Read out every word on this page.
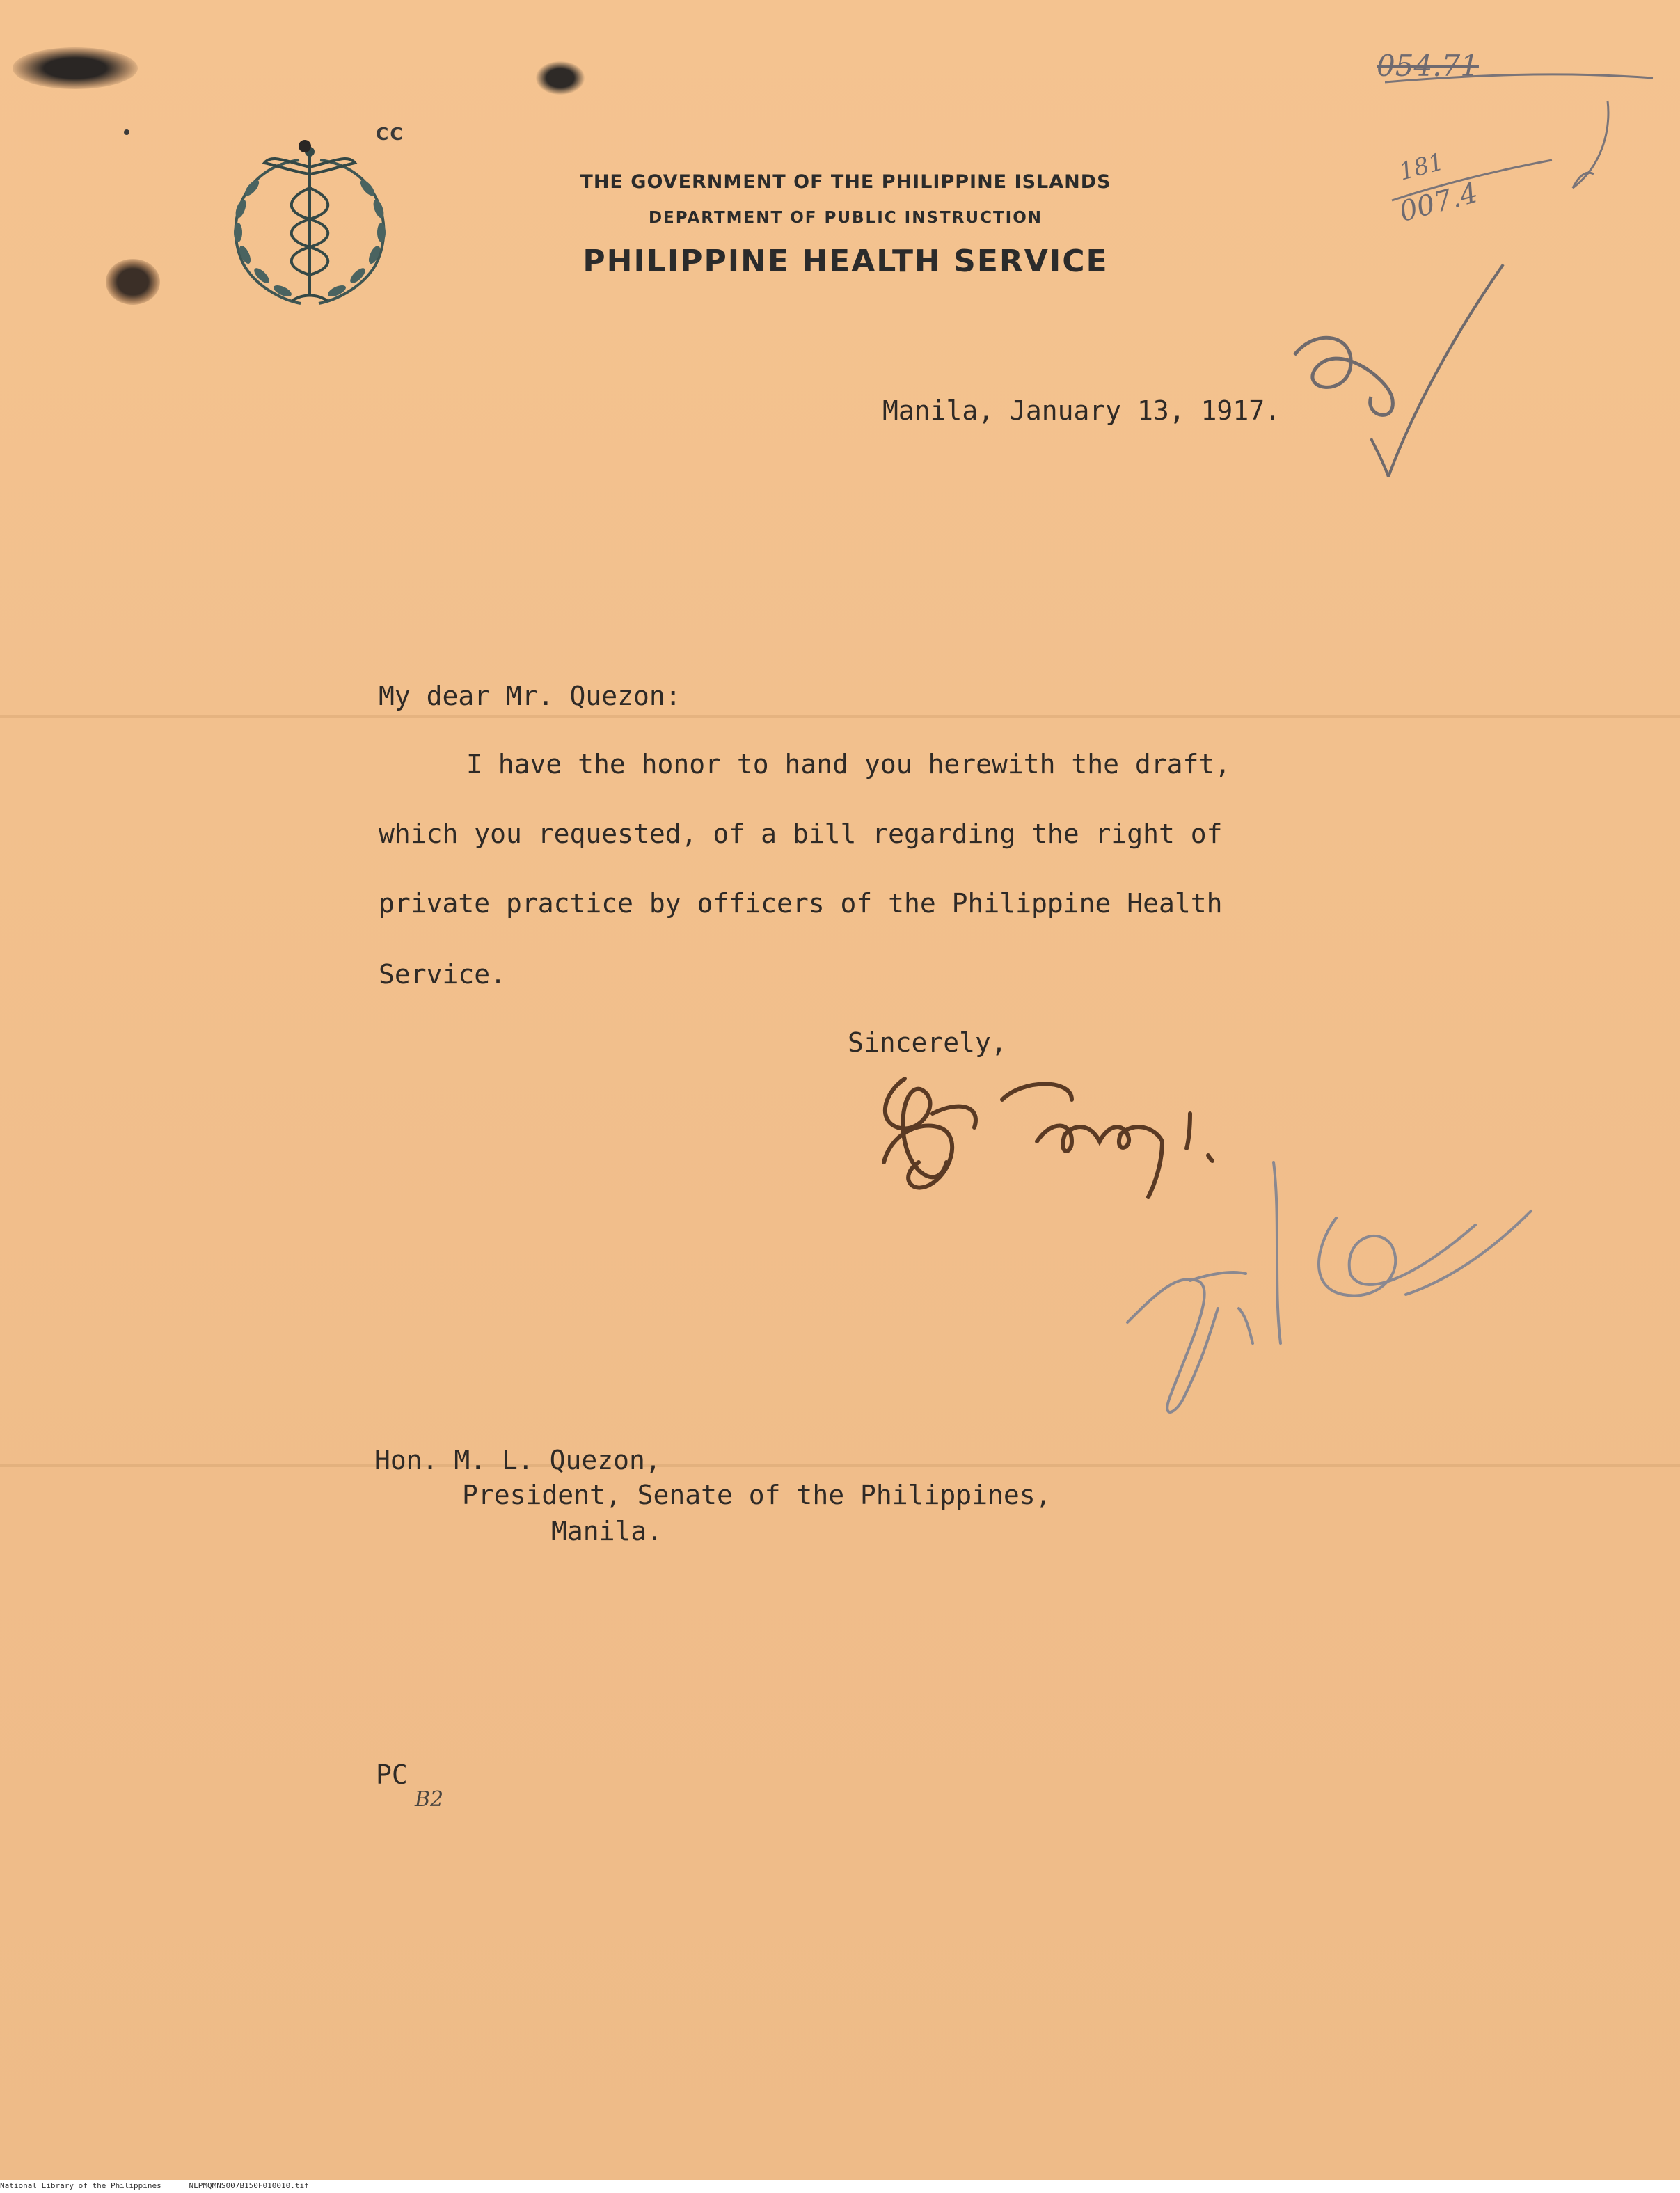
CC
THE GOVERNMENT OF THE PHILIPPINE ISLANDS
DEPARTMENT OF PUBLIC INSTRUCTION
PHILIPPINE HEALTH SERVICE
054.71
181
007.4
Manila, January 13, 1917.
My dear Mr. Quezon:
I have the honor to hand you herewith the draft,
which you requested, of a bill regarding the right of
private practice by officers of the Philippine Health
Service.
Sincerely,
Hon. M. L. Quezon,
President, Senate of the Philippines,
Manila.
PC
B2
National Library of the Philippines	NLPMQMNS007B150F010010.tif
